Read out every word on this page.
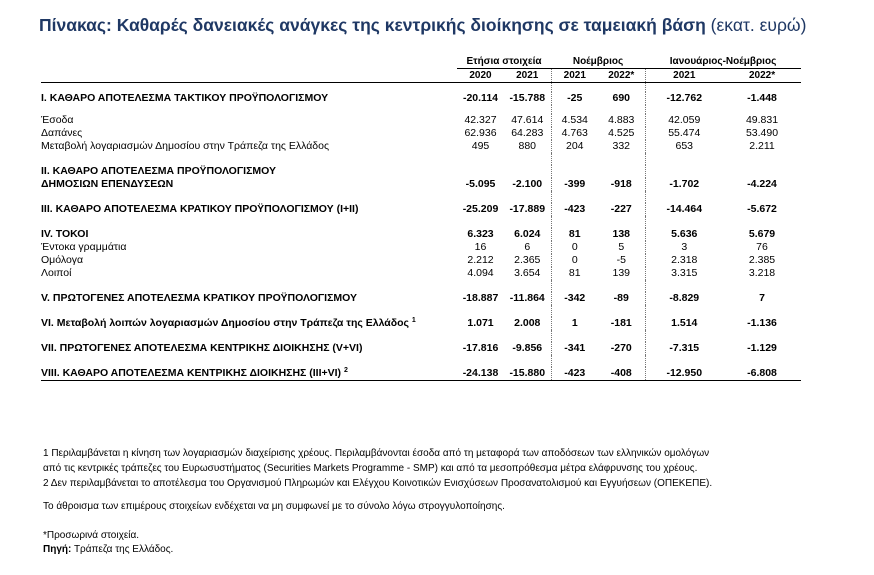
Πίνακας: Καθαρές δανειακές ανάγκες της κεντρικής διοίκησης σε ταμειακή βάση (εκατ. ευρώ)
	Ετήσια στοιχεία		Νοέμβριος		Ιανουάριος-Νοέμβριος	
	2020	2021	2021	2022*	2021	2022*

Ι. ΚΑΘΑΡΟ ΑΠΟΤΕΛΕΣΜΑ ΤΑΚΤΙΚΟΥ ΠΡΟΫΠΟΛΟΓΙΣΜΟΥ	-20.114	-15.788	-25	690	-12.762	-1.448

Έσοδα	42.327	47.614	4.534	4.883	42.059	49.831
Δαπάνες	62.936	64.283	4.763	4.525	55.474	53.490
Μεταβολή λογαριασμών Δημοσίου στην Τράπεζα της Ελλάδος	495	880	204	332	653	2.211

ΙΙ. ΚΑΘΑΡΟ ΑΠΟΤΕΛΕΣΜΑ ΠΡΟΫΠΟΛΟΓΙΣΜΟΥ						
ΔΗΜΟΣΙΩΝ ΕΠΕΝΔΥΣΕΩΝ	-5.095	-2.100	-399	-918	-1.702	-4.224

ΙΙΙ. ΚΑΘΑΡΟ ΑΠΟΤΕΛΕΣΜΑ ΚΡΑΤΙΚΟΥ ΠΡΟΫΠΟΛΟΓΙΣΜΟΥ (Ι+ΙΙ)	-25.209	-17.889	-423	-227	-14.464	-5.672

ΙV. ΤΟΚΟΙ	6.323	6.024	81	138	5.636	5.679
Έντοκα γραμμάτια	16	6	0	5	3	76
Ομόλογα	2.212	2.365	0	-5	2.318	2.385
Λοιποί	4.094	3.654	81	139	3.315	3.218

V. ΠΡΩΤΟΓΕΝΕΣ ΑΠΟΤΕΛΕΣΜΑ ΚΡΑΤΙΚΟΥ ΠΡΟΫΠΟΛΟΓΙΣΜΟΥ	-18.887	-11.864	-342	-89	-8.829	7

VΙ. Μεταβολή λοιπών λογαριασμών Δημοσίου στην Τράπεζα της Ελλάδος $^1$	1.071	2.008	1	-181	1.514	-1.136

VΙΙ. ΠΡΩΤΟΓΕΝΕΣ ΑΠΟΤΕΛΕΣΜΑ ΚΕΝΤΡΙΚΗΣ ΔΙΟΙΚΗΣΗΣ (V+VΙ)	-17.816	-9.856	-341	-270	-7.315	-1.129

VΙΙΙ. ΚΑΘΑΡΟ ΑΠΟΤΕΛΕΣΜΑ ΚΕΝΤΡΙΚΗΣ ΔΙΟΙΚΗΣΗΣ (ΙΙΙ+VΙ) $^2$	-24.138	-15.880	-423	-408	-12.950	-6.808

1 Περιλαμβάνεται η κίνηση των λογαριασμών διαχείρισης χρέους. Περιλαμβάνονται έσοδα από τη μεταφορά των αποδόσεων των ελληνικών ομολόγων

από τις κεντρικές τράπεζες του Ευρωσυστήματος (Securities Markets Programme - SMP) και από τα μεσοπρόθεσμα μέτρα ελάφρυνσης του χρέους.

2 Δεν περιλαμβάνεται το αποτέλεσμα του Οργανισμού Πληρωμών και Ελέγχου Κοινοτικών Ενισχύσεων Προσανατολισμού και Εγγυήσεων (ΟΠΕΚΕΠΕ).

Το άθροισμα των επιμέρους στοιχείων ενδέχεται να μη συμφωνεί με το σύνολο λόγω στρογγυλοποίησης.

*Προσωρινά στοιχεία.

Πηγή: Τράπεζα της Ελλάδος.
